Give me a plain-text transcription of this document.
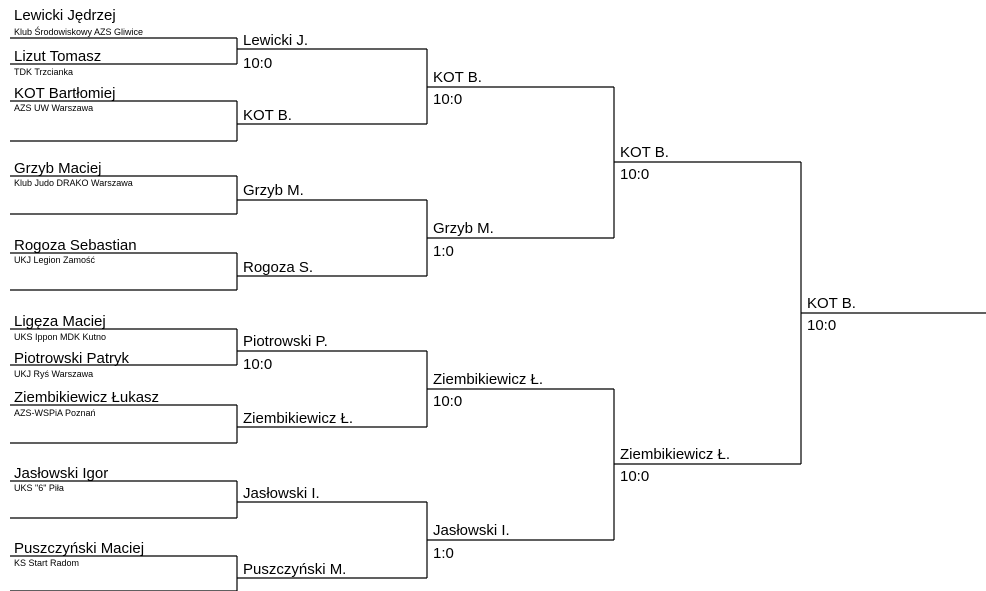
Lewicki Jędrzej
Klub Środowiskowy AZS Gliwice
Lizut Tomasz
TDK Trzcianka
KOT Bartłomiej
AZS UW Warszawa
Grzyb Maciej
Klub Judo DRAKO Warszawa
Rogoza Sebastian
UKJ Legion Zamość
Ligęza Maciej
UKS Ippon MDK Kutno
Piotrowski Patryk
UKJ Ryś Warszawa
Ziembikiewicz Łukasz
AZS-WSPiA Poznań
Jasłowski Igor
UKS "6" Piła
Puszczyński Maciej
KS Start Radom
Lewicki J.
10:0
KOT B.
Grzyb M.
Rogoza S.
Piotrowski P.
10:0
Ziembikiewicz Ł.
Jasłowski I.
Puszczyński M.
KOT B.
10:0
Grzyb M.
1:0
Ziembikiewicz Ł.
10:0
Jasłowski I.
1:0
KOT B.
10:0
Ziembikiewicz Ł.
10:0
KOT B.
10:0
